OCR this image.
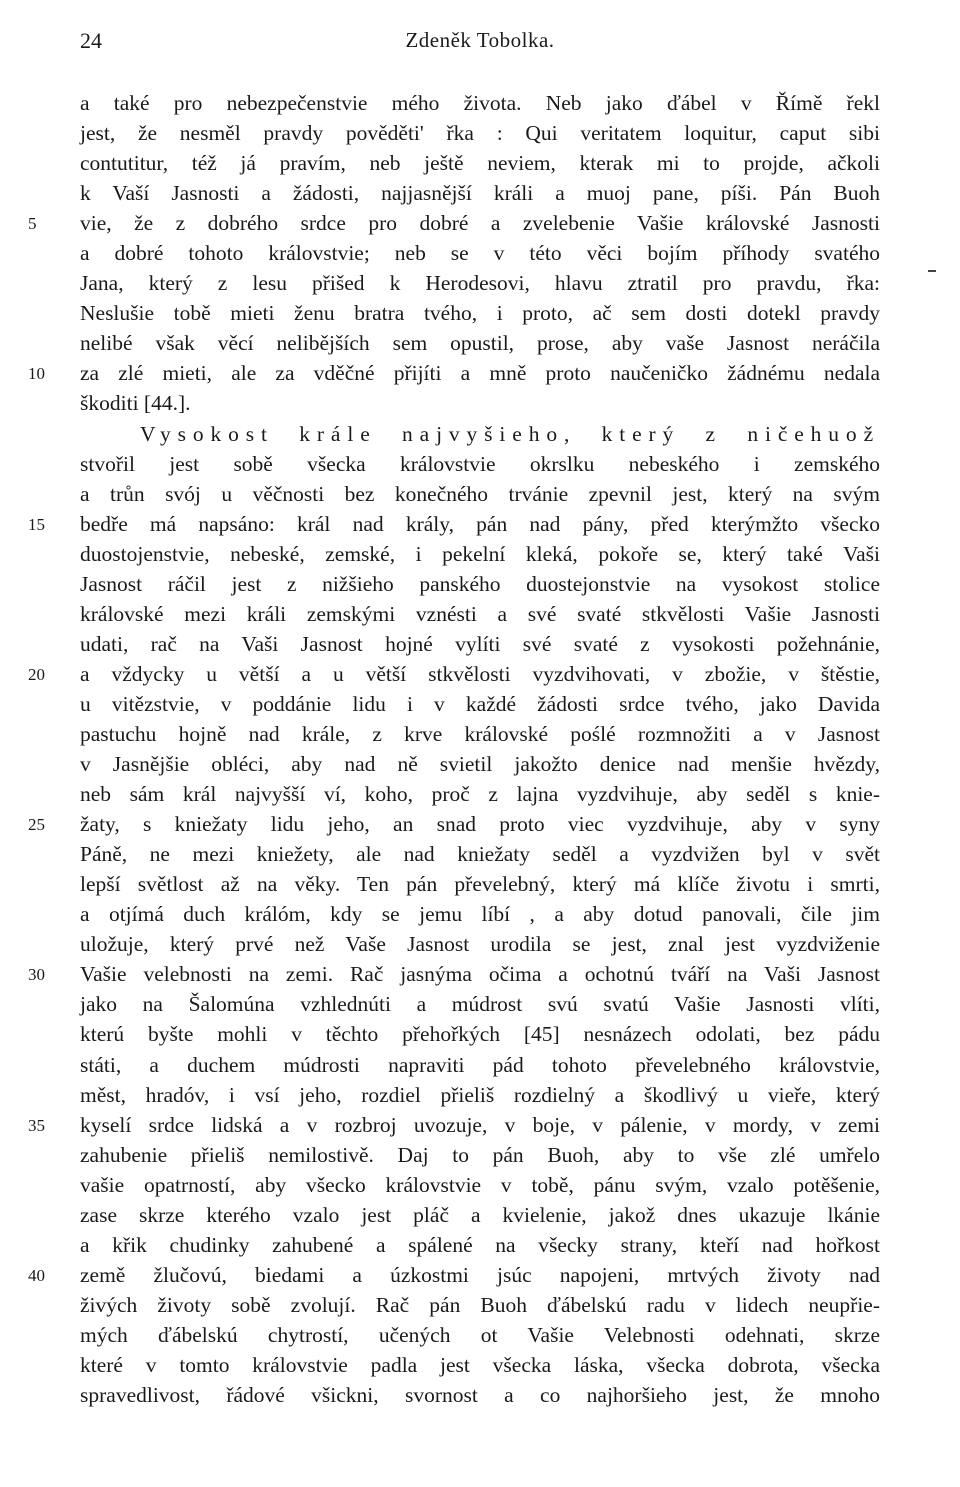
24	Zdeněk Tobolka.
a také pro nebezpečenstvie mého života. Neb jako ďábel v Římě řekl
jest, že nesměl pravdy pověděti' řka : Qui veritatem loquitur, caput sibi
contutitur, též já pravím, neb ještě neviem, kterak mi to projde, ačkoli
k Vaší Jasnosti a žádosti, najjasnější králi a muoj pane, píši. Pán Buoh
5	vie, že z dobrého srdce pro dobré a zvelebenie Vašie královské Jasnosti
a dobré tohoto královstvie; neb se v této věci bojím příhody svatého
Jana, který z lesu přišed k Herodesovi, hlavu ztratil pro pravdu, řka:
Neslušie tobě mieti ženu bratra tvého, i proto, ač sem dosti dotekl pravdy
nelibé však věcí nelibějších sem opustil, prose, aby vaše Jasnost neráčila
10	za zlé mieti, ale za vděčné přijíti a mně proto naučeničko žádnému nedala
škoditi [44.].
Vysokost krále najvyšieho, který z ničehuož
stvořil jest sobě všecka královstvie okrslku nebeského i zemského
a trůn svój u věčnosti bez konečného trvánie zpevnil jest, který na svým
15	bedře má napsáno: král nad krály, pán nad pány, před kterýmžto všecko
duostojenstvie, nebeské, zemské, i pekelní kleká, pokoře se, který také Vaši
Jasnost ráčil jest z nižšieho panského duostejonstvie na vysokost stolice
královské mezi králi zemskými vznésti a své svaté stkvělosti Vašie Jasnosti
udati, rač na Vaši Jasnost hojné vylíti své svaté z vysokosti požehnánie,
20	a vždycky u větší a u větší stkvělosti vyzdvihovati, v zbožie, v štěstie,
u vitězstvie, v poddánie lidu i v každé žádosti srdce tvého, jako Davida
pastuchu hojně nad krále, z krve královské poślé rozmnožiti a v Jasnost
v Jasnějšie obléci, aby nad ně svietil jakožto denice nad menšie hvězdy,
neb sám král najvyšší ví, koho, proč z lajna vyzdvihuje, aby seděl s knie-
25	žaty, s kniežaty lidu jeho, an snad proto viec vyzdvihuje, aby v syny
Páně, ne mezi kniežety, ale nad kniežaty seděl a vyzdvižen byl v svět
lepší světlost až na věky. Ten pán převelebný, který má klíče životu i smrti,
a otjímá duch králóm, kdy se jemu líbí , a aby dotud panovali, čile jim
uložuje, který prvé než Vaše Jasnost urodila se jest, znal jest vyzdviženie
30	Vašie velebnosti na zemi. Rač jasnýma očima a ochotnú tváří na Vaši Jasnost
jako na Šalomúna vzhlednúti a múdrost svú svatú Vašie Jasnosti vlíti,
kterú byšte mohli v těchto přehořkých [45] nesnázech odolati, bez pádu
státi, a duchem múdrosti napraviti pád tohoto převelebného královstvie,
měst, hradóv, i vsí jeho, rozdiel přieliš rozdielný a škodlivý u vieře, který
35	kyselí srdce lidská a v rozbroj uvozuje, v boje, v pálenie, v mordy, v zemi
zahubenie přieliš nemilostivě. Daj to pán Buoh, aby to vše zlé umřelo
vašie opatrností, aby všecko královstvie v tobě, pánu svým, vzalo potěšenie,
zase skrze kterého vzalo jest pláč a kvielenie, jakož dnes ukazuje lkánie
a křik chudinky zahubené a spálené na všecky strany, kteří nad hořkost
40	země žlučovú, biedami a úzkostmi jsúc napojeni, mrtvých životy nad
živých životy sobě zvolují. Rač pán Buoh ďábelskú radu v lidech neupřie-
mých ďábelskú chytrostí, učených ot Vašie Velebnosti odehnati, skrze
které v tomto královstvie padla jest všecka láska, všecka dobrota, všecka
spravedlivost, řádové všickni, svornost a co najhoršieho jest, že mnoho
